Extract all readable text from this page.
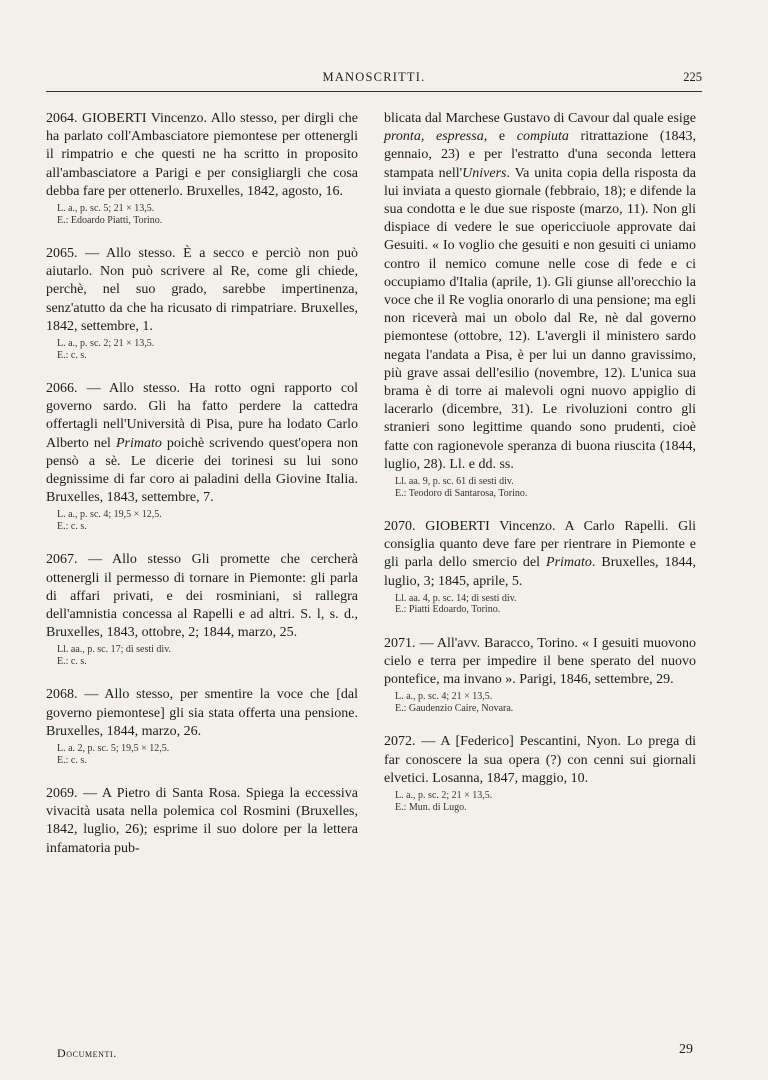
MANOSCRITTI.	225

2064. GIOBERTI Vincenzo. Allo stesso, per dirgli che ha parlato coll'Ambasciatore piemontese per ottenergli il rimpatrio e che questi ne ha scritto in proposito all'ambasciatore a Parigi e per consigliargli che cosa debba fare per ottenerlo. Bruxelles, 1842, agosto, 16.

L. a., p. sc. 5; 21 × 13,5.
E.: Edoardo Piatti, Torino.

2065. — Allo stesso. È a secco e perciò non può aiutarlo. Non può scrivere al Re, come gli chiede, perchè, nel suo grado, sarebbe impertinenza, senz'atutto da che ha ricusato di rimpatriare. Bruxelles, 1842, settembre, 1.

L. a., p. sc. 2; 21 × 13,5.
E.: c. s.

2066. — Allo stesso. Ha rotto ogni rapporto col governo sardo. Gli ha fatto perdere la cattedra offertagli nell'Università di Pisa, pure ha lodato Carlo Alberto nel Primato poichè scrivendo quest'opera non pensò a sè. Le dicerie dei torinesi su lui sono degnissime di far coro ai paladini della Giovine Italia. Bruxelles, 1843, settembre, 7.

L. a., p. sc. 4; 19,5 × 12,5.
E.: c. s.

2067. — Allo stesso Gli promette che cercherà ottenergli il permesso di tornare in Piemonte: gli parla di affari privati, e dei rosminiani, si rallegra dell'amnistia concessa al Rapelli e ad altri. S. l, s. d., Bruxelles, 1843, ottobre, 2; 1844, marzo, 25.

Ll. aa., p. sc. 17; di sesti div.
E.: c. s.

2068. — Allo stesso, per smentire la voce che [dal governo piemontese] gli sia stata offerta una pensione. Bruxelles, 1844, marzo, 26.

L. a. 2, p. sc. 5; 19,5 × 12,5.
E.: c. s.

2069. — A Pietro di Santa Rosa. Spiega la eccessiva vivacità usata nella polemica col Rosmini (Bruxelles, 1842, luglio, 26); esprime il suo dolore per la lettera infamatoria pub-

blicata dal Marchese Gustavo di Cavour dal quale esige pronta, espressa, e compiuta ritrattazione (1843, gennaio, 23) e per l'estratto d'una seconda lettera stampata nell'Univers. Va unita copia della risposta da lui inviata a questo giornale (febbraio, 18); e difende la sua condotta e le due sue risposte (marzo, 11). Non gli dispiace di vedere le sue opericciuole approvate dai Gesuiti. « Io voglio che gesuiti e non gesuiti ci uniamo contro il nemico comune nelle cose di fede e ci occupiamo d'Italia (aprile, 1). Gli giunse all'orecchio la voce che il Re voglia onorarlo di una pensione; ma egli non riceverà mai un obolo dal Re, nè dal governo piemontese (ottobre, 12). L'avergli il ministero sardo negata l'andata a Pisa, è per lui un danno gravissimo, più grave assai dell'esilio (novembre, 12). L'unica sua brama è di torre ai malevoli ogni nuovo appiglio di lacerarlo (dicembre, 31). Le rivoluzioni contro gli stranieri sono legittime quando sono prudenti, cioè fatte con ragionevole speranza di buona riuscita (1844, luglio, 28). Ll. e dd. ss.

Ll. aa. 9, p. sc. 61 di sesti div.
E.: Teodoro di Santarosa, Torino.

2070. GIOBERTI Vincenzo. A Carlo Rapelli. Gli consiglia quanto deve fare per rientrare in Piemonte e gli parla dello smercio del Primato. Bruxelles, 1844, luglio, 3; 1845, aprile, 5.

Ll. aa. 4, p. sc. 14; di sesti div.
E.: Piatti Edoardo, Torino.

2071. — All'avv. Baracco, Torino. « I gesuiti muovono cielo e terra per impedire il bene sperato del nuovo pontefice, ma invano ». Parigi, 1846, settembre, 29.

L. a., p. sc. 4; 21 × 13,5.
E.: Gaudenzio Caire, Novara.

2072. — A [Federico] Pescantini, Nyon. Lo prega di far conoscere la sua opera (?) con cenni sui giornali elvetici. Losanna, 1847, maggio, 10.

L. a., p. sc. 2; 21 × 13,5.
E.: Mun. di Lugo.
Documenti.	29
